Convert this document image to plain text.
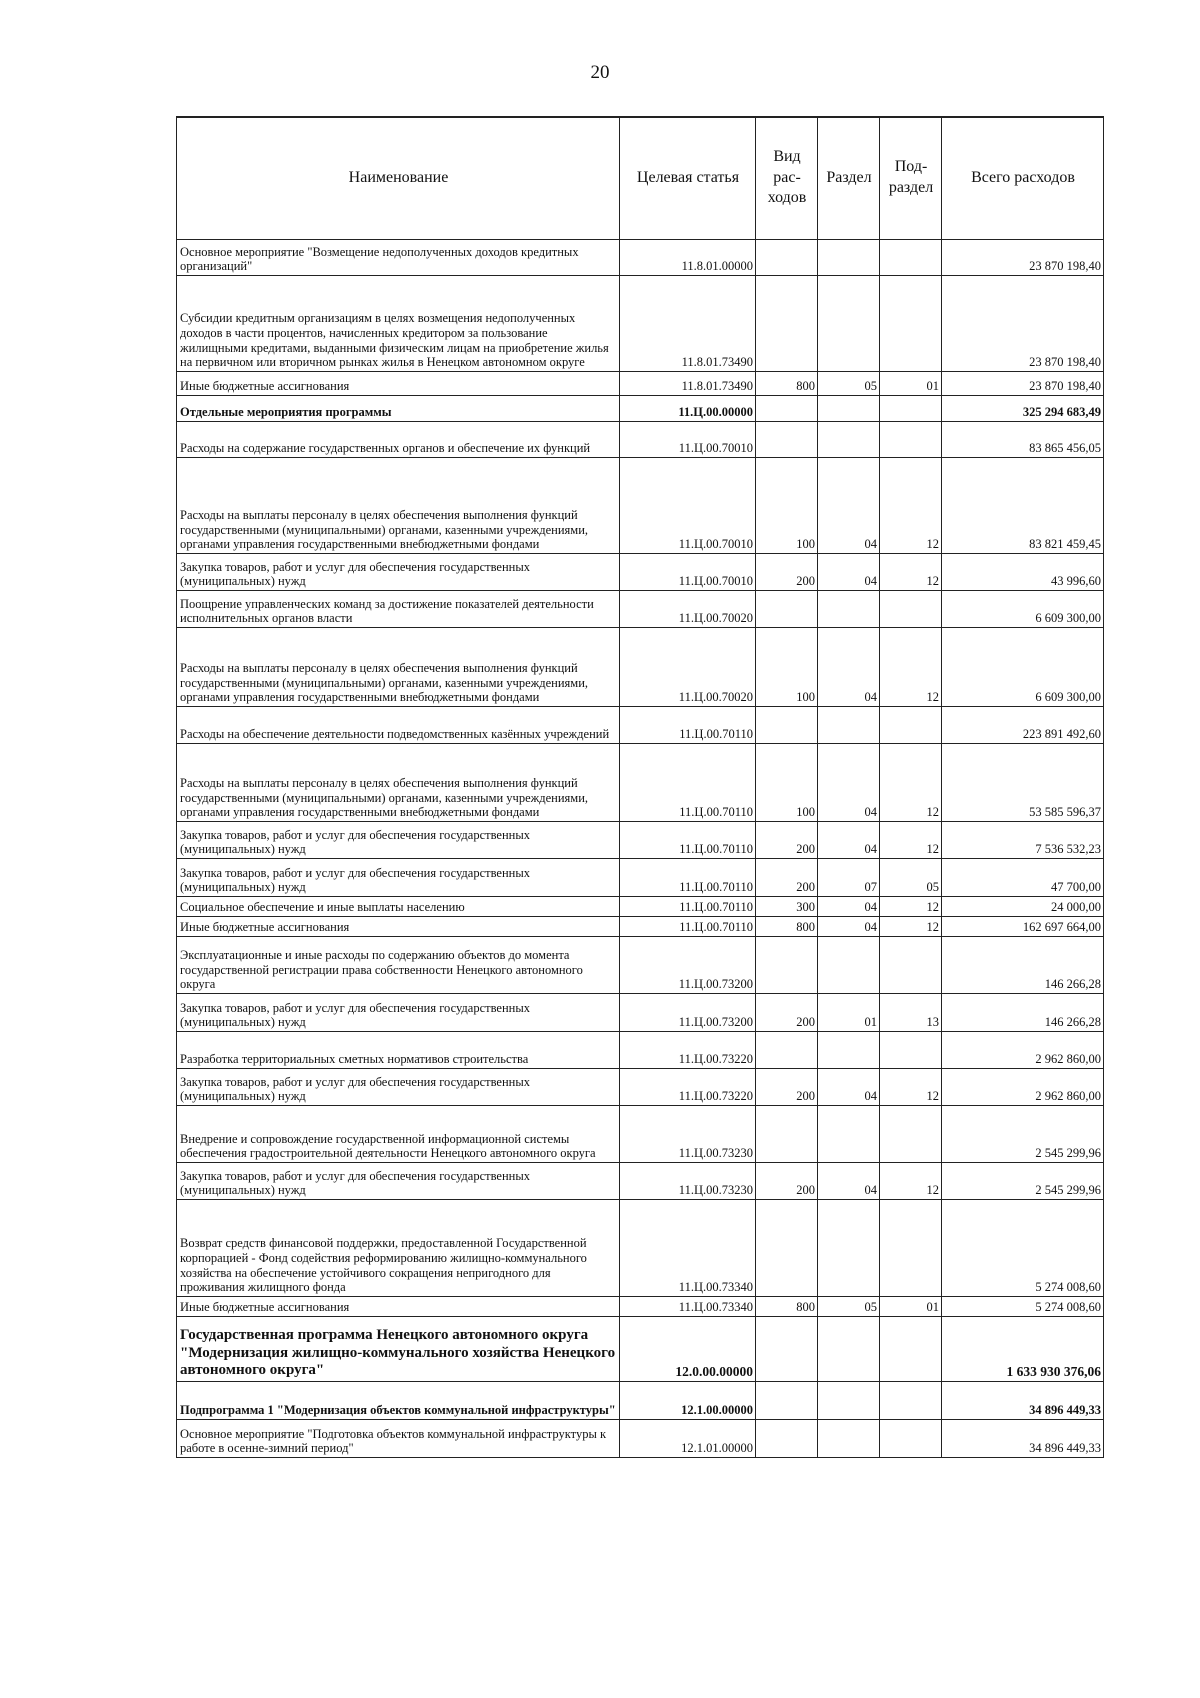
20
Наименование	Целевая статья	Вид рас- ходов	Раздел	Под- раздел	Всего расходов
Основное мероприятие "Возмещение недополученных доходов кредитных организаций"	11.8.01.00000				23 870 198,40
Субсидии кредитным организациям в целях возмещения недополученных доходов в части процентов, начисленных кредитором за пользование жилищными кредитами, выданными физическим лицам на приобретение жилья на первичном или вторичном рынках жилья в Ненецком автономном округе	11.8.01.73490				23 870 198,40
Иные бюджетные ассигнования	11.8.01.73490	800	05	01	23 870 198,40
Отдельные мероприятия программы	11.Ц.00.00000				325 294 683,49
Расходы на содержание государственных органов и обеспечение их функций	11.Ц.00.70010				83 865 456,05
Расходы на выплаты персоналу в целях обеспечения выполнения функций государственными (муниципальными) органами, казенными учреждениями, органами управления государственными внебюджетными фондами	11.Ц.00.70010	100	04	12	83 821 459,45
Закупка товаров, работ и услуг для обеспечения государственных (муниципальных) нужд	11.Ц.00.70010	200	04	12	43 996,60
Поощрение управленческих команд за достижение показателей деятельности исполнительных органов власти	11.Ц.00.70020				6 609 300,00
Расходы на выплаты персоналу в целях обеспечения выполнения функций государственными (муниципальными) органами, казенными учреждениями, органами управления государственными внебюджетными фондами	11.Ц.00.70020	100	04	12	6 609 300,00
Расходы на обеспечение деятельности подведомственных казённых учреждений	11.Ц.00.70110				223 891 492,60
Расходы на выплаты персоналу в целях обеспечения выполнения функций государственными (муниципальными) органами, казенными учреждениями, органами управления государственными внебюджетными фондами	11.Ц.00.70110	100	04	12	53 585 596,37
Закупка товаров, работ и услуг для обеспечения государственных (муниципальных) нужд	11.Ц.00.70110	200	04	12	7 536 532,23
Закупка товаров, работ и услуг для обеспечения государственных (муниципальных) нужд	11.Ц.00.70110	200	07	05	47 700,00
Социальное обеспечение и иные выплаты населению	11.Ц.00.70110	300	04	12	24 000,00
Иные бюджетные ассигнования	11.Ц.00.70110	800	04	12	162 697 664,00
Эксплуатационные и иные расходы по содержанию объектов до момента государственной регистрации права собственности Ненецкого автономного округа	11.Ц.00.73200				146 266,28
Закупка товаров, работ и услуг для обеспечения государственных (муниципальных) нужд	11.Ц.00.73200	200	01	13	146 266,28
Разработка территориальных сметных нормативов строительства	11.Ц.00.73220				2 962 860,00
Закупка товаров, работ и услуг для обеспечения государственных (муниципальных) нужд	11.Ц.00.73220	200	04	12	2 962 860,00
Внедрение и сопровождение государственной информационной системы обеспечения градостроительной деятельности Ненецкого автономного округа	11.Ц.00.73230				2 545 299,96
Закупка товаров, работ и услуг для обеспечения государственных (муниципальных) нужд	11.Ц.00.73230	200	04	12	2 545 299,96
Возврат средств финансовой поддержки, предоставленной Государственной корпорацией - Фонд содействия реформированию жилищно-коммунального хозяйства на обеспечение устойчивого сокращения непригодного для проживания жилищного фонда	11.Ц.00.73340				5 274 008,60
Иные бюджетные ассигнования	11.Ц.00.73340	800	05	01	5 274 008,60
Государственная программа Ненецкого автономного округа "Модернизация жилищно-коммунального хозяйства Ненецкого автономного округа"	12.0.00.00000				1 633 930 376,06
Подпрограмма 1 "Модернизация объектов коммунальной инфраструктуры"	12.1.00.00000				34 896 449,33
Основное мероприятие "Подготовка объектов коммунальной инфраструктуры к работе в осенне-зимний период"	12.1.01.00000				34 896 449,33
